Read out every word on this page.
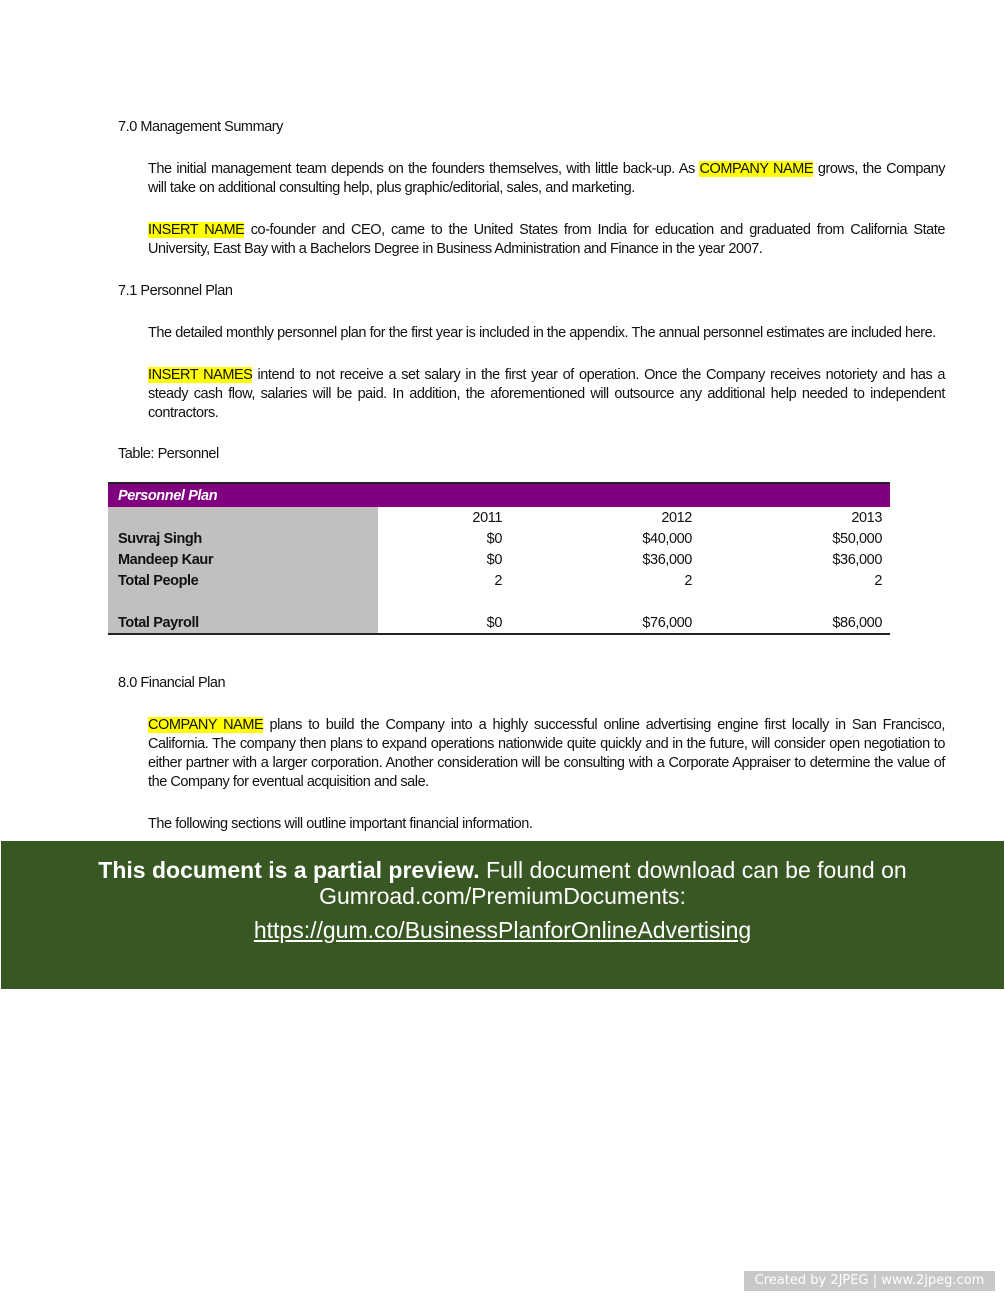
7.0 Management Summary
The initial management team depends on the founders themselves, with little back-up. As COMPANY NAME grows, the Company will take on additional consulting help, plus graphic/editorial, sales, and marketing.
INSERT NAME co-founder and CEO, came to the United States from India for education and graduated from California State University, East Bay with a Bachelors Degree in Business Administration and Finance in the year 2007.
7.1 Personnel Plan
The detailed monthly personnel plan for the first year is included in the appendix. The annual personnel estimates are included here.
INSERT NAMES intend to not receive a set salary in the first year of operation. Once the Company receives notoriety and has a steady cash flow, salaries will be paid. In addition, the aforementioned will outsource any additional help needed to independent contractors.
Table: Personnel
Personnel Plan			
	2011	2012	2013
Suvraj Singh	$0	$40,000	$50,000
Mandeep Kaur	$0	$36,000	$36,000
Total People	2	2	2

Total Payroll	$0	$76,000	$86,000
8.0 Financial Plan
COMPANY NAME plans to build the Company into a highly successful online advertising engine first locally in San Francisco, California. The company then plans to expand operations nationwide quite quickly and in the future, will consider open negotiation to either partner with a larger corporation. Another consideration will be consulting with a Corporate Appraiser to determine the value of the Company for eventual acquisition and sale.
The following sections will outline important financial information.
This document is a partial preview. Full document download can be found on Gumroad.com/PremiumDocuments:
https://gum.co/BusinessPlanforOnlineAdvertising
Created by 2JPEG | www.2jpeg.com
